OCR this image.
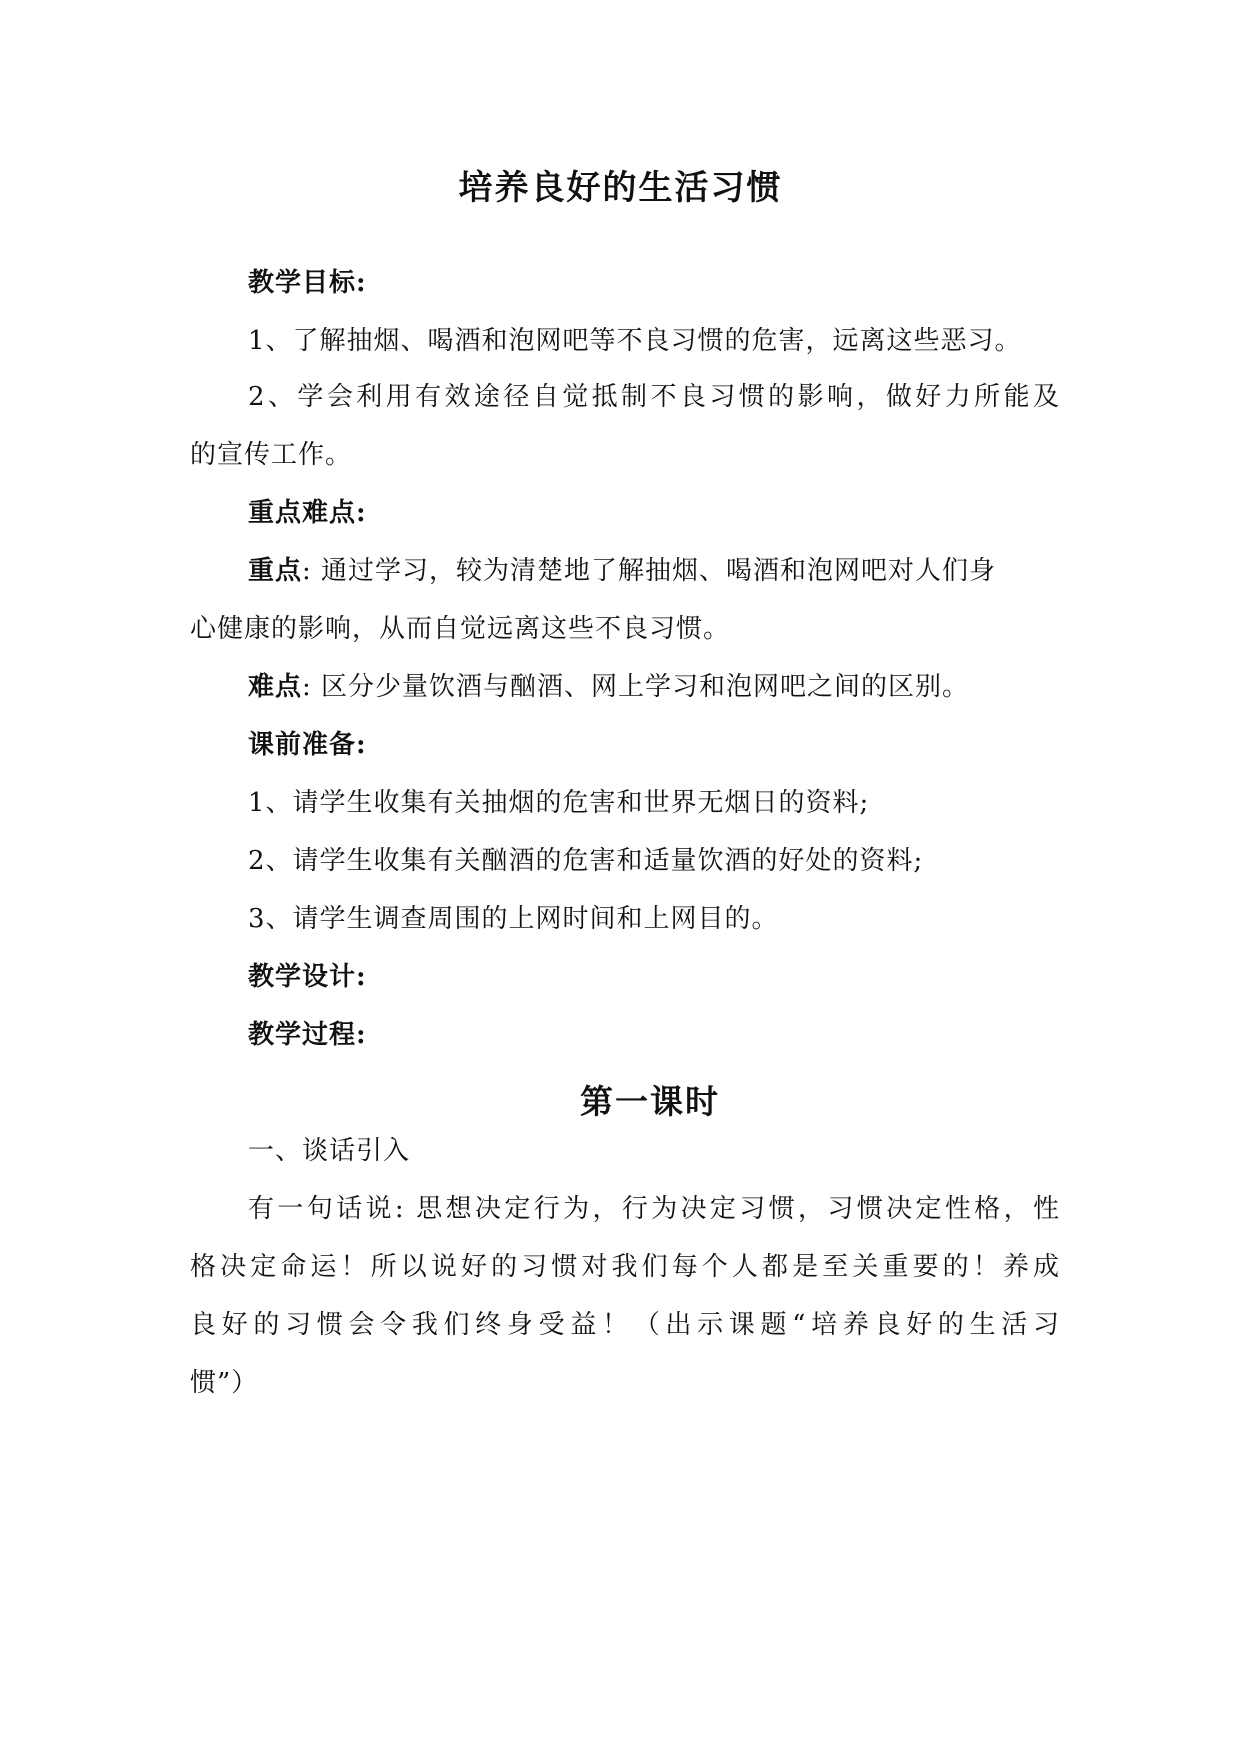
培养良好的生活习惯
教学目标:
1、了解抽烟、喝酒和泡网吧等不良习惯的危害，远离这些恶习。
2、学会利用有效途径自觉抵制不良习惯的影响，做好力所能及
的宣传工作。
重点难点:
重点: 通过学习，较为清楚地了解抽烟、喝酒和泡网吧对人们身
心健康的影响，从而自觉远离这些不良习惯。
难点: 区分少量饮酒与酗酒、网上学习和泡网吧之间的区别。
课前准备:
1、请学生收集有关抽烟的危害和世界无烟日的资料;
2、请学生收集有关酗酒的危害和适量饮酒的好处的资料;
3、请学生调查周围的上网时间和上网目的。
教学设计:
教学过程:
第一课时
一、谈话引入
有一句话说: 思想决定行为，行为决定习惯，习惯决定性格，性
格决定命运！所以说好的习惯对我们每个人都是至关重要的！养成
良好的习惯会令我们终身受益！（出示课题“培养良好的生活习
惯”）
